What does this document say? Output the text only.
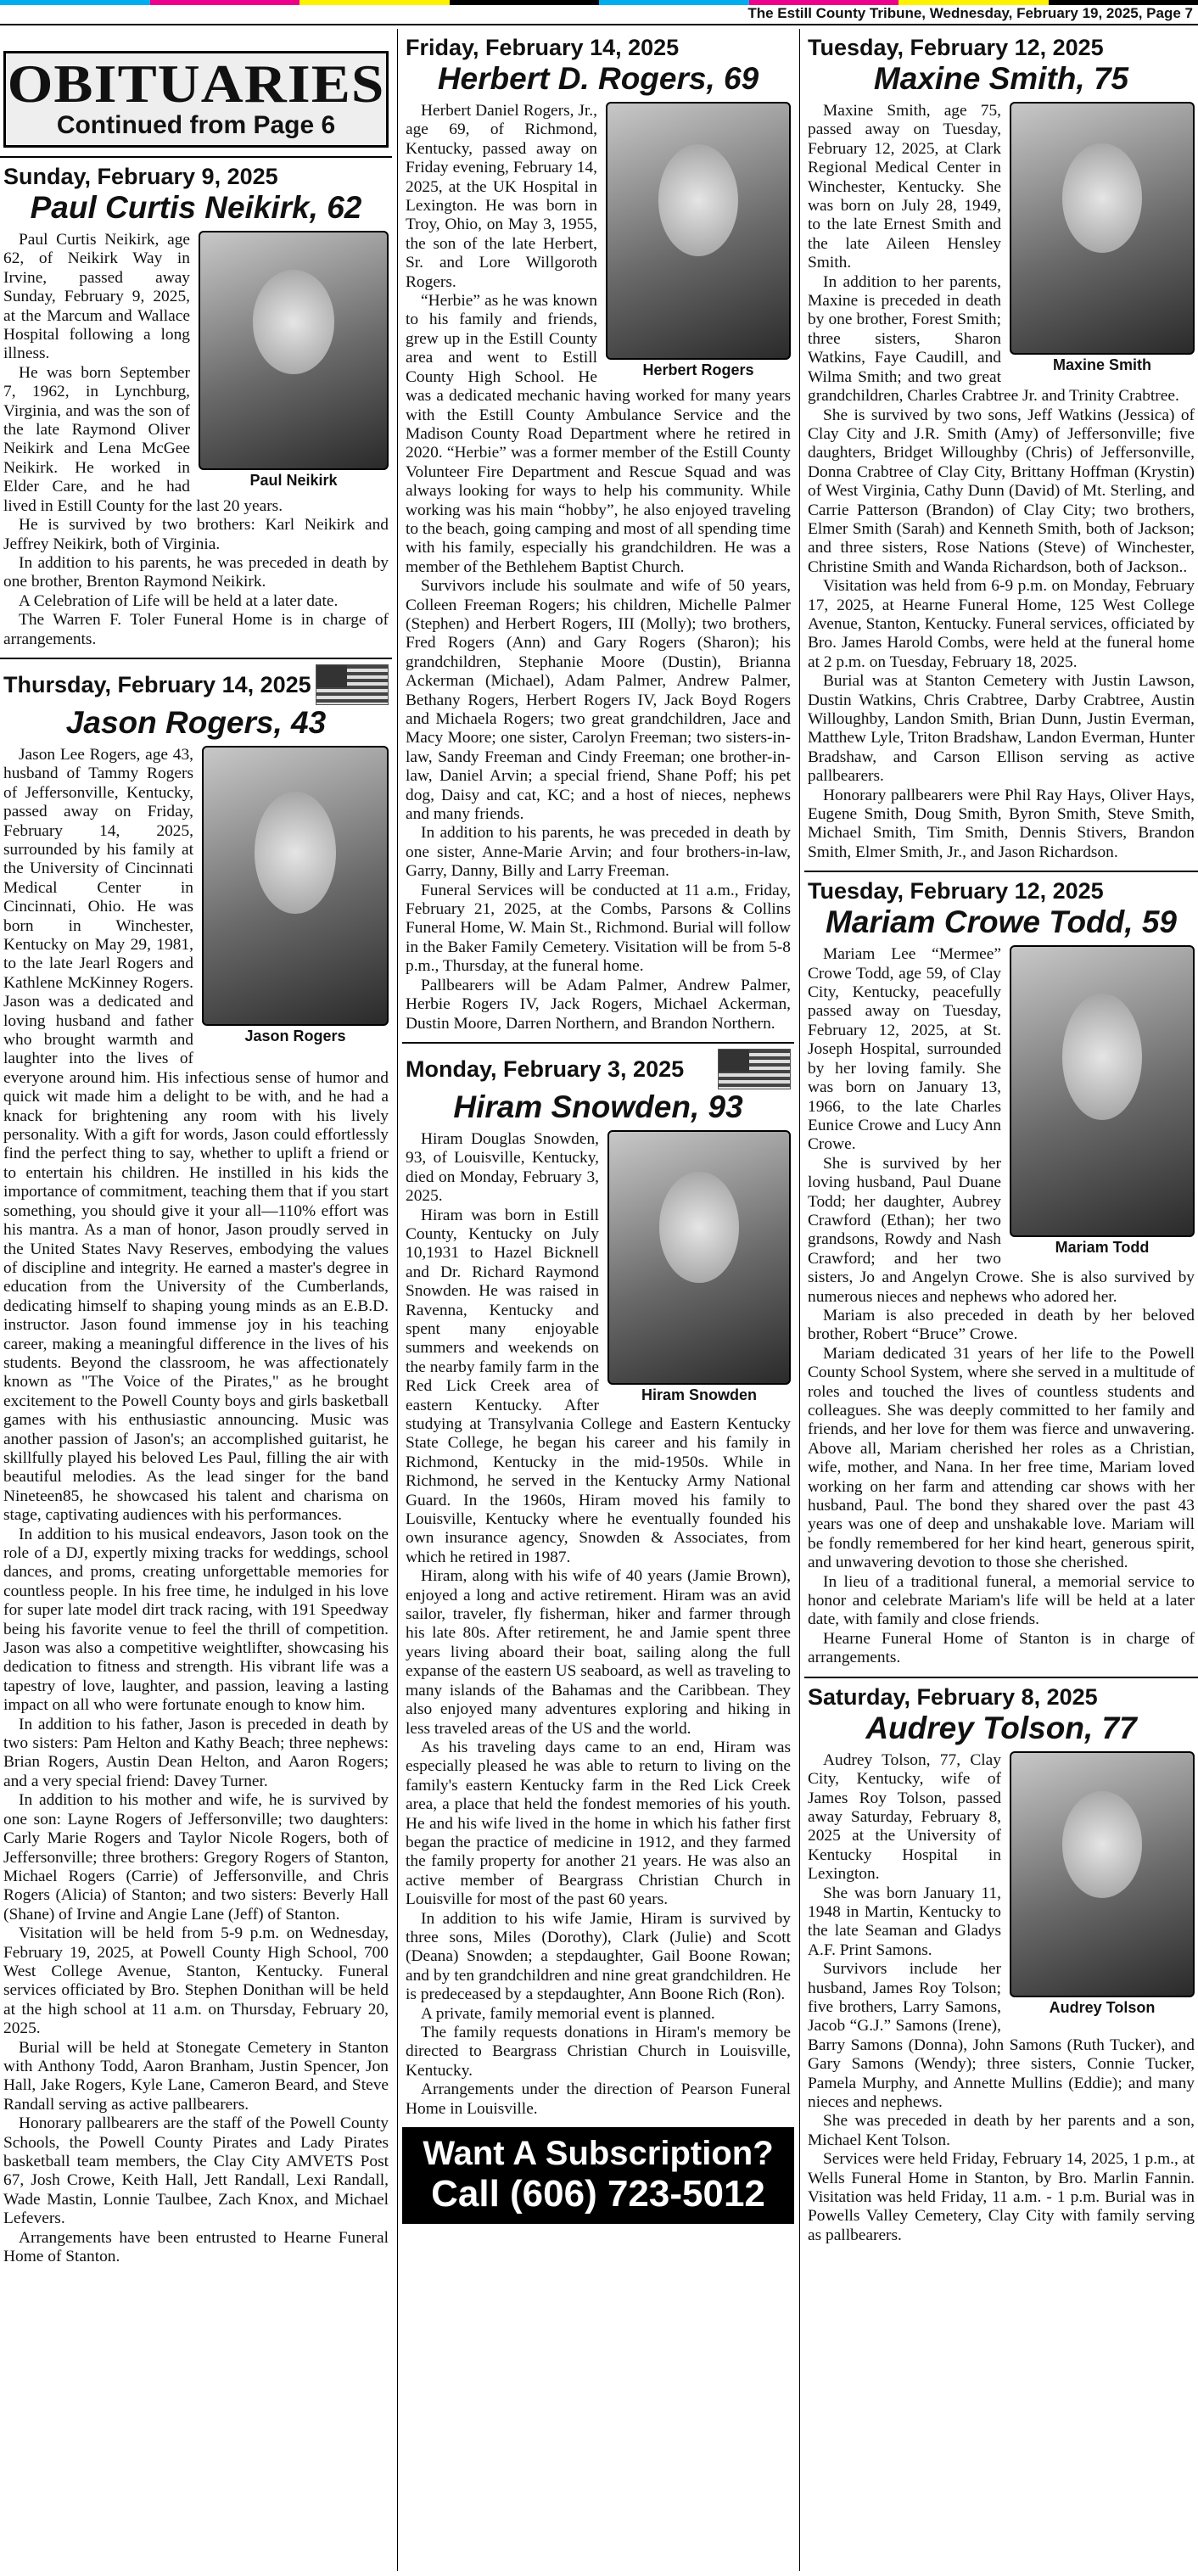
The Estill County Tribune, Wednesday, February 19, 2025, Page 7
OBITUARIES
Continued from Page 6
Sunday, February 9, 2025
Paul Curtis Neikirk, 62
Paul Neikirk

Paul Curtis Neikirk, age 62, of Neikirk Way in Irvine, passed away Sunday, February 9, 2025, at the Marcum and Wallace Hospital following a long illness.

He was born September 7, 1962, in Lynchburg, Virginia, and was the son of the late Raymond Oliver Neikirk and Lena McGee Neikirk. He worked in Elder Care, and he had lived in Estill County for the last 20 years.

He is survived by two brothers: Karl Neikirk and Jeffrey Neikirk, both of Virginia.

In addition to his parents, he was preceded in death by one brother, Brenton Raymond Neikirk.

A Celebration of Life will be held at a later date.

The Warren F. Toler Funeral Home is in charge of arrangements.

Thursday, February 14, 2025
Jason Rogers, 43
Jason Rogers

Jason Lee Rogers, age 43, husband of Tammy Rogers of Jeffersonville, Kentucky, passed away on Friday, February 14, 2025, surrounded by his family at the University of Cincinnati Medical Center in Cincinnati, Ohio. He was born in Winchester, Kentucky on May 29, 1981, to the late Jearl Rogers and Kathlene McKinney Rogers. Jason was a dedicated and loving husband and father who brought warmth and laughter into the lives of everyone around him. His infectious sense of humor and quick wit made him a delight to be with, and he had a knack for brightening any room with his lively personality. With a gift for words, Jason could effortlessly find the perfect thing to say, whether to uplift a friend or to entertain his children. He instilled in his kids the importance of commitment, teaching them that if you start something, you should give it your all—110% effort was his mantra. As a man of honor, Jason proudly served in the United States Navy Reserves, embodying the values of discipline and integrity. He earned a master's degree in education from the University of the Cumberlands, dedicating himself to shaping young minds as an E.B.D. instructor. Jason found immense joy in his teaching career, making a meaningful difference in the lives of his students. Beyond the classroom, he was affectionately known as "The Voice of the Pirates," as he brought excitement to the Powell County boys and girls basketball games with his enthusiastic announcing. Music was another passion of Jason's; an accomplished guitarist, he skillfully played his beloved Les Paul, filling the air with beautiful melodies. As the lead singer for the band Nineteen85, he showcased his talent and charisma on stage, captivating audiences with his performances.

In addition to his musical endeavors, Jason took on the role of a DJ, expertly mixing tracks for weddings, school dances, and proms, creating unforgettable memories for countless people. In his free time, he indulged in his love for super late model dirt track racing, with 191 Speedway being his favorite venue to feel the thrill of competition. Jason was also a competitive weightlifter, showcasing his dedication to fitness and strength. His vibrant life was a tapestry of love, laughter, and passion, leaving a lasting impact on all who were fortunate enough to know him.

In addition to his father, Jason is preceded in death by two sisters: Pam Helton and Kathy Beach; three nephews: Brian Rogers, Austin Dean Helton, and Aaron Rogers; and a very special friend: Davey Turner.

In addition to his mother and wife, he is survived by one son: Layne Rogers of Jeffersonville; two daughters: Carly Marie Rogers and Taylor Nicole Rogers, both of Jeffersonville; three brothers: Gregory Rogers of Stanton, Michael Rogers (Carrie) of Jeffersonville, and Chris Rogers (Alicia) of Stanton; and two sisters: Beverly Hall (Shane) of Irvine and Angie Lane (Jeff) of Stanton.

Visitation will be held from 5-9 p.m. on Wednesday, February 19, 2025, at Powell County High School, 700 West College Avenue, Stanton, Kentucky. Funeral services officiated by Bro. Stephen Donithan will be held at the high school at 11 a.m. on Thursday, February 20, 2025.

Burial will be held at Stonegate Cemetery in Stanton with Anthony Todd, Aaron Branham, Justin Spencer, Jon Hall, Jake Rogers, Kyle Lane, Cameron Beard, and Steve Randall serving as active pallbearers.

Honorary pallbearers are the staff of the Powell County Schools, the Powell County Pirates and Lady Pirates basketball team members, the Clay City AMVETS Post 67, Josh Crowe, Keith Hall, Jett Randall, Lexi Randall, Wade Mastin, Lonnie Taulbee, Zach Knox, and Michael Lefevers.

Arrangements have been entrusted to Hearne Funeral Home of Stanton.

Friday, February 14, 2025
Herbert D. Rogers, 69
Herbert Rogers

Herbert Daniel Rogers, Jr., age 69, of Richmond, Kentucky, passed away on Friday evening, February 14, 2025, at the UK Hospital in Lexington. He was born in Troy, Ohio, on May 3, 1955, the son of the late Herbert, Sr. and Lore Willgoroth Rogers.

“Herbie” as he was known to his family and friends, grew up in the Estill County area and went to Estill County High School. He was a dedicated mechanic having worked for many years with the Estill County Ambulance Service and the Madison County Road Department where he retired in 2020. “Herbie” was a former member of the Estill County Volunteer Fire Department and Rescue Squad and was always looking for ways to help his community. While working was his main “hobby”, he also enjoyed traveling to the beach, going camping and most of all spending time with his family, especially his grandchildren. He was a member of the Bethlehem Baptist Church.

Survivors include his soulmate and wife of 50 years, Colleen Freeman Rogers; his children, Michelle Palmer (Stephen) and Herbert Rogers, III (Molly); two brothers, Fred Rogers (Ann) and Gary Rogers (Sharon); his grandchildren, Stephanie Moore (Dustin), Brianna Ackerman (Michael), Adam Palmer, Andrew Palmer, Bethany Rogers, Herbert Rogers IV, Jack Boyd Rogers and Michaela Rogers; two great grandchildren, Jace and Macy Moore; one sister, Carolyn Freeman; two sisters-in-law, Sandy Freeman and Cindy Freeman; one brother-in-law, Daniel Arvin; a special friend, Shane Poff; his pet dog, Daisy and cat, KC; and a host of nieces, nephews and many friends.

In addition to his parents, he was preceded in death by one sister, Anne-Marie Arvin; and four brothers-in-law, Garry, Danny, Billy and Larry Freeman.

Funeral Services will be conducted at 11 a.m., Friday, February 21, 2025, at the Combs, Parsons & Collins Funeral Home, W. Main St., Richmond. Burial will follow in the Baker Family Cemetery. Visitation will be from 5-8 p.m., Thursday, at the funeral home.

Pallbearers will be Adam Palmer, Andrew Palmer, Herbie Rogers IV, Jack Rogers, Michael Ackerman, Dustin Moore, Darren Northern, and Brandon Northern.

Monday, February 3, 2025
Hiram Snowden, 93
Hiram Snowden

Hiram Douglas Snowden, 93, of Louisville, Kentucky, died on Monday, February 3, 2025.

Hiram was born in Estill County, Kentucky on July 10,1931 to Hazel Bicknell and Dr. Richard Raymond Snowden. He was raised in Ravenna, Kentucky and spent many enjoyable summers and weekends on the nearby family farm in the Red Lick Creek area of eastern Kentucky. After studying at Transylvania College and Eastern Kentucky State College, he began his career and his family in Richmond, Kentucky in the mid-1950s. While in Richmond, he served in the Kentucky Army National Guard. In the 1960s, Hiram moved his family to Louisville, Kentucky where he eventually founded his own insurance agency, Snowden & Associates, from which he retired in 1987.

Hiram, along with his wife of 40 years (Jamie Brown), enjoyed a long and active retirement. Hiram was an avid sailor, traveler, fly fisherman, hiker and farmer through his late 80s. After retirement, he and Jamie spent three years living aboard their boat, sailing along the full expanse of the eastern US seaboard, as well as traveling to many islands of the Bahamas and the Caribbean. They also enjoyed many adventures exploring and hiking in less traveled areas of the US and the world.

As his traveling days came to an end, Hiram was especially pleased he was able to return to living on the family's eastern Kentucky farm in the Red Lick Creek area, a place that held the fondest memories of his youth. He and his wife lived in the home in which his father first began the practice of medicine in 1912, and they farmed the family property for another 21 years. He was also an active member of Beargrass Christian Church in Louisville for most of the past 60 years.

In addition to his wife Jamie, Hiram is survived by three sons, Miles (Dorothy), Clark (Julie) and Scott (Deana) Snowden; a stepdaughter, Gail Boone Rowan; and by ten grandchildren and nine great grandchildren. He is predeceased by a stepdaughter, Ann Boone Rich (Ron).

A private, family memorial event is planned.

The family requests donations in Hiram's memory be directed to Beargrass Christian Church in Louisville, Kentucky.

Arrangements under the direction of Pearson Funeral Home in Louisville.

Want A Subscription?
Call (606) 723-5012
Tuesday, February 12, 2025
Maxine Smith, 75
Maxine Smith

Maxine Smith, age 75, passed away on Tuesday, February 12, 2025, at Clark Regional Medical Center in Winchester, Kentucky. She was born on July 28, 1949, to the late Ernest Smith and the late Aileen Hensley Smith.

In addition to her parents, Maxine is preceded in death by one brother, Forest Smith; three sisters, Sharon Watkins, Faye Caudill, and Wilma Smith; and two great grandchildren, Charles Crabtree Jr. and Trinity Crabtree.

She is survived by two sons, Jeff Watkins (Jessica) of Clay City and J.R. Smith (Amy) of Jeffersonville; five daughters, Bridget Willoughby (Chris) of Jeffersonville, Donna Crabtree of Clay City, Brittany Hoffman (Krystin) of West Virginia, Cathy Dunn (David) of Mt. Sterling, and Carrie Patterson (Brandon) of Clay City; two brothers, Elmer Smith (Sarah) and Kenneth Smith, both of Jackson; and three sisters, Rose Nations (Steve) of Winchester, Christine Smith and Wanda Richardson, both of Jackson..

Visitation was held from 6-9 p.m. on Monday, February 17, 2025, at Hearne Funeral Home, 125 West College Avenue, Stanton, Kentucky. Funeral services, officiated by Bro. James Harold Combs, were held at the funeral home at 2 p.m. on Tuesday, February 18, 2025.

Burial was at Stanton Cemetery with Justin Lawson, Dustin Watkins, Chris Crabtree, Darby Crabtree, Austin Willoughby, Landon Smith, Brian Dunn, Justin Everman, Matthew Lyle, Triton Bradshaw, Landon Everman, Hunter Bradshaw, and Carson Ellison serving as active pallbearers.

Honorary pallbearers were Phil Ray Hays, Oliver Hays, Eugene Smith, Doug Smith, Byron Smith, Steve Smith, Michael Smith, Tim Smith, Dennis Stivers, Brandon Smith, Elmer Smith, Jr., and Jason Richardson.

Tuesday, February 12, 2025
Mariam Crowe Todd, 59
Mariam Todd

Mariam Lee “Mermee” Crowe Todd, age 59, of Clay City, Kentucky, peacefully passed away on Tuesday, February 12, 2025, at St. Joseph Hospital, surrounded by her loving family. She was born on January 13, 1966, to the late Charles Eunice Crowe and Lucy Ann Crowe.

She is survived by her loving husband, Paul Duane Todd; her daughter, Aubrey Crawford (Ethan); her two grandsons, Rowdy and Nash Crawford; and her two sisters, Jo and Angelyn Crowe. She is also survived by numerous nieces and nephews who adored her.

Mariam is also preceded in death by her beloved brother, Robert “Bruce” Crowe.

Mariam dedicated 31 years of her life to the Powell County School System, where she served in a multitude of roles and touched the lives of countless students and colleagues. She was deeply committed to her family and friends, and her love for them was fierce and unwavering. Above all, Mariam cherished her roles as a Christian, wife, mother, and Nana. In her free time, Mariam loved working on her farm and attending car shows with her husband, Paul. The bond they shared over the past 43 years was one of deep and unshakable love. Mariam will be fondly remembered for her kind heart, generous spirit, and unwavering devotion to those she cherished.

In lieu of a traditional funeral, a memorial service to honor and celebrate Mariam's life will be held at a later date, with family and close friends.

Hearne Funeral Home of Stanton is in charge of arrangements.

Saturday, February 8, 2025
Audrey Tolson, 77
Audrey Tolson

Audrey Tolson, 77, Clay City, Kentucky, wife of James Roy Tolson, passed away Saturday, February 8, 2025 at the University of Kentucky Hospital in Lexington.

She was born January 11, 1948 in Martin, Kentucky to the late Seaman and Gladys A.F. Print Samons.

Survivors include her husband, James Roy Tolson; five brothers, Larry Samons, Jacob “G.J.” Samons (Irene), Barry Samons (Donna), John Samons (Ruth Tucker), and Gary Samons (Wendy); three sisters, Connie Tucker, Pamela Murphy, and Annette Mullins (Eddie); and many nieces and nephews.

She was preceded in death by her parents and a son, Michael Kent Tolson.

Services were held Friday, February 14, 2025, 1 p.m., at Wells Funeral Home in Stanton, by Bro. Marlin Fannin. Visitation was held Friday, 11 a.m. - 1 p.m. Burial was in Powells Valley Cemetery, Clay City with family serving as pallbearers.
